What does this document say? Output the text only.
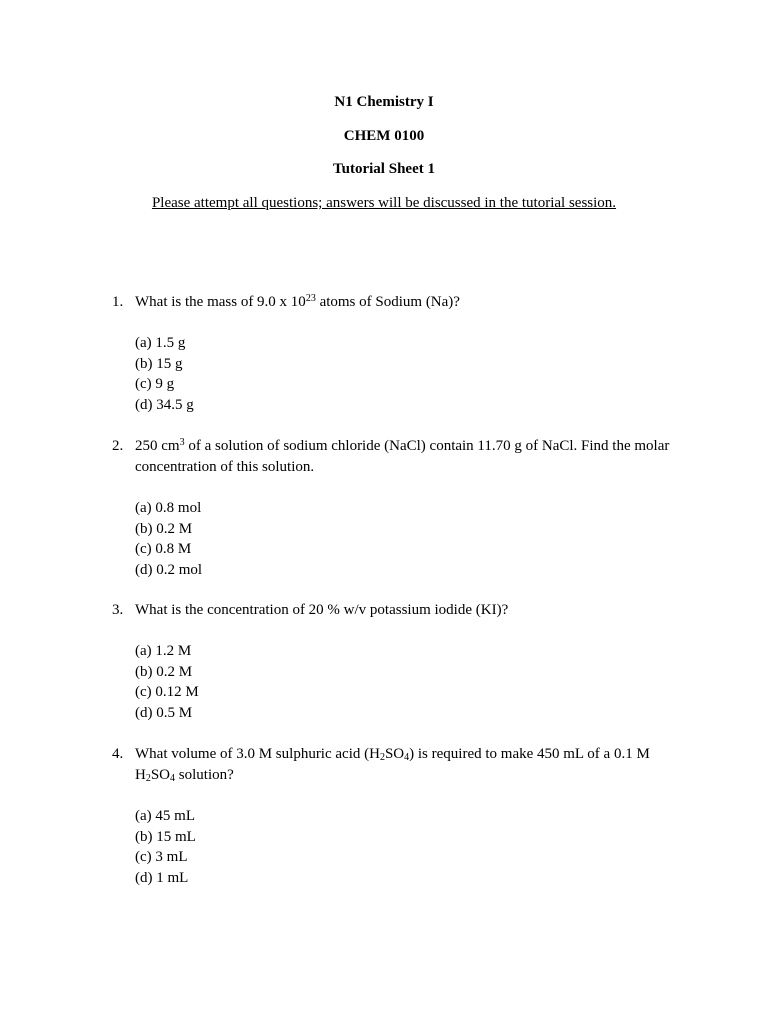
N1 Chemistry I
CHEM 0100
Tutorial Sheet 1
Please attempt all questions; answers will be discussed in the tutorial session.
1. What is the mass of 9.0 x $10^{23}$ atoms of Sodium (Na)?
(a) 1.5 g
(b) 15 g
(c) 9 g
(d) 34.5 g
2. 250 $cm^3$ of a solution of sodium chloride (NaCl) contain 11.70 g of NaCl. Find the molar concentration of this solution.
(a) 0.8 mol
(b) 0.2 M
(c) 0.8 M
(d) 0.2 mol
3. What is the concentration of 20 % w/v potassium iodide (KI)?
(a) 1.2 M
(b) 0.2 M
(c) 0.12 M
(d) 0.5 M
4. What volume of 3.0 M sulphuric acid $(H_2SO_4)$ is required to make 450 mL of a 0.1 M $H_2SO_4$ solution?
(a) 45 mL
(b) 15 mL
(c) 3 mL
(d) 1 mL
